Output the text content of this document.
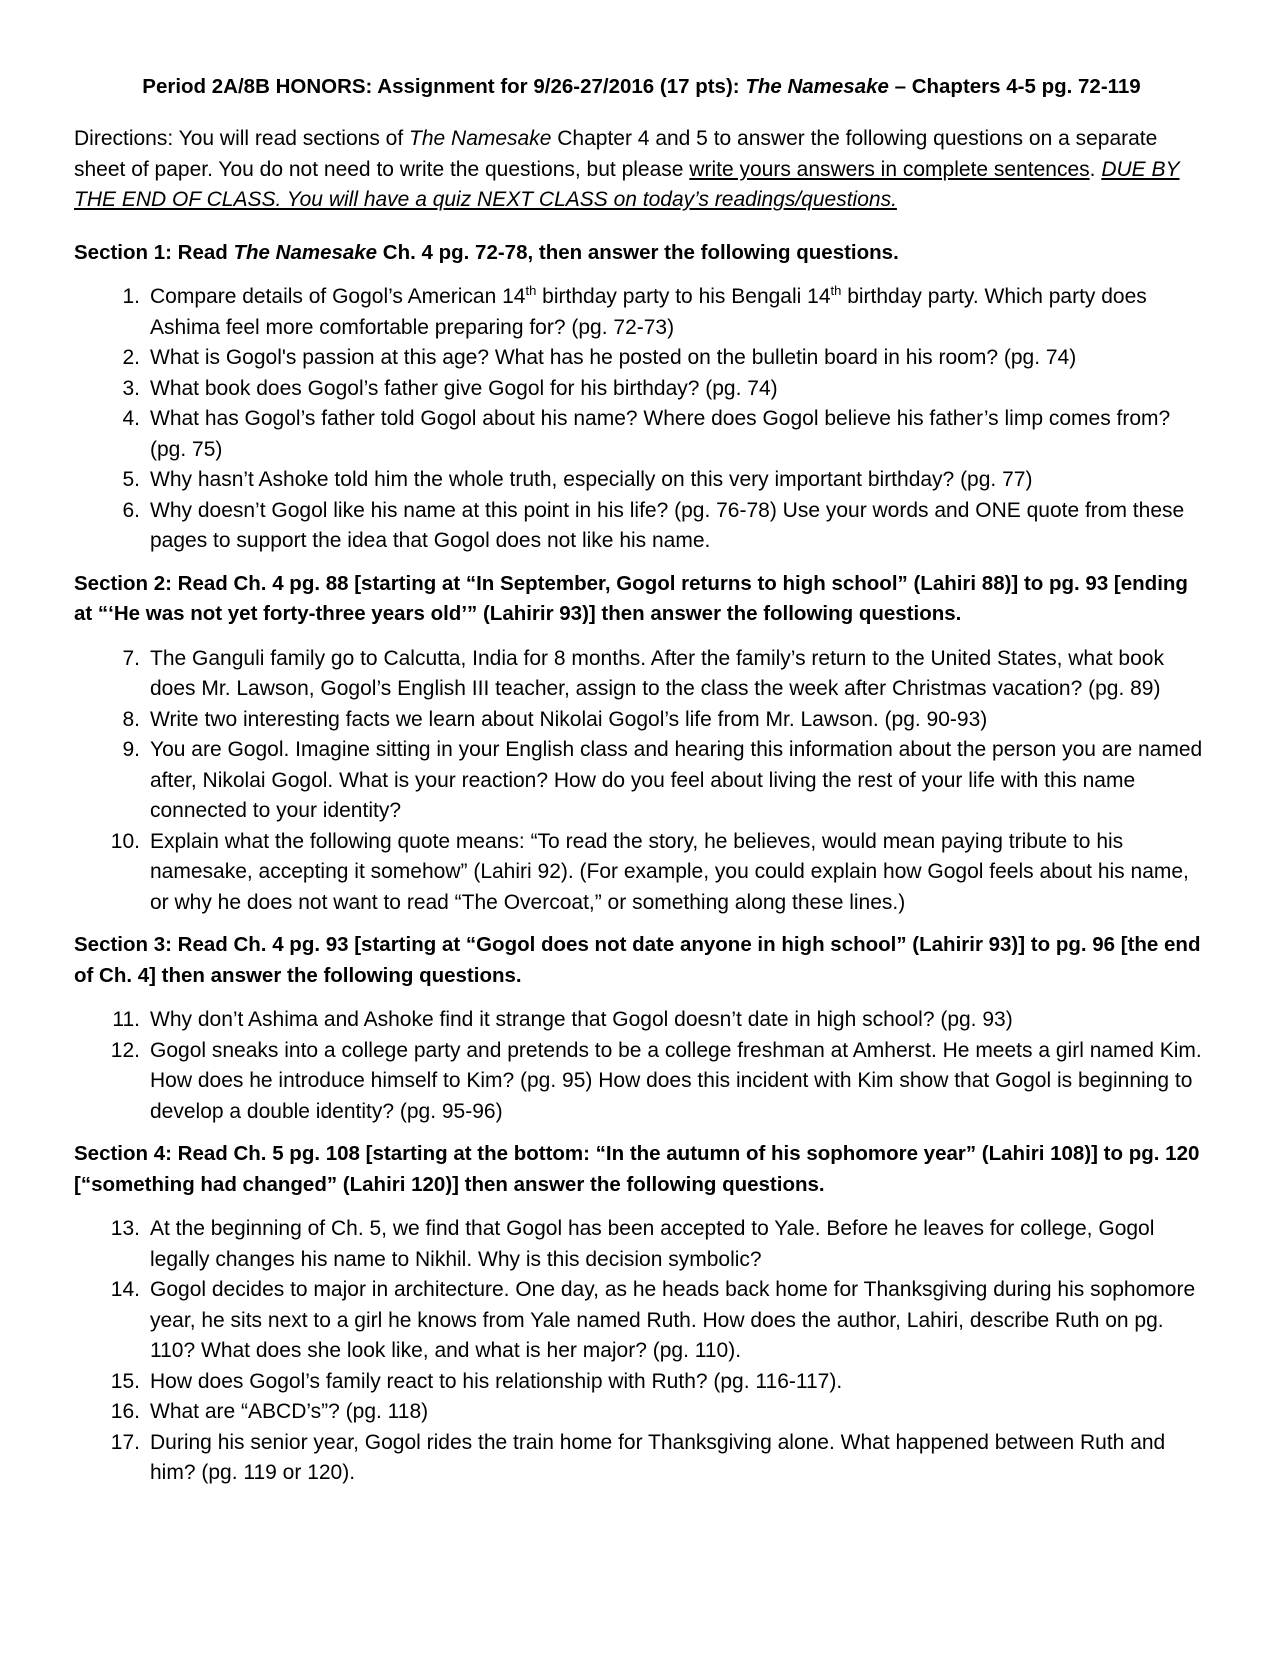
Period 2A/8B HONORS: Assignment for 9/26-27/2016 (17 pts): The Namesake – Chapters 4-5 pg. 72-119

Directions: You will read sections of The Namesake Chapter 4 and 5 to answer the following questions on a separate sheet of paper. You do not need to write the questions, but please write yours answers in complete sentences. DUE BY THE END OF CLASS. You will have a quiz NEXT CLASS on today’s readings/questions.

Section 1: Read The Namesake Ch. 4 pg. 72-78, then answer the following questions.

1. Compare details of Gogol’s American 14th birthday party to his Bengali 14th birthday party. Which party does Ashima feel more comfortable preparing for? (pg. 72-73)
2. What is Gogol's passion at this age? What has he posted on the bulletin board in his room? (pg. 74)
3. What book does Gogol’s father give Gogol for his birthday? (pg. 74)
4. What has Gogol’s father told Gogol about his name? Where does Gogol believe his father’s limp comes from? (pg. 75)
5. Why hasn’t Ashoke told him the whole truth, especially on this very important birthday? (pg. 77)
6. Why doesn’t Gogol like his name at this point in his life? (pg. 76-78) Use your words and ONE quote from these pages to support the idea that Gogol does not like his name.

Section 2: Read Ch. 4 pg. 88 [starting at “In September, Gogol returns to high school” (Lahiri 88)] to pg. 93 [ending at “‘He was not yet forty-three years old’” (Lahirir 93)] then answer the following questions.

7. The Ganguli family go to Calcutta, India for 8 months. After the family’s return to the United States, what book does Mr. Lawson, Gogol’s English III teacher, assign to the class the week after Christmas vacation? (pg. 89)
8. Write two interesting facts we learn about Nikolai Gogol’s life from Mr. Lawson. (pg. 90-93)
9. You are Gogol. Imagine sitting in your English class and hearing this information about the person you are named after, Nikolai Gogol. What is your reaction? How do you feel about living the rest of your life with this name connected to your identity?
10. Explain what the following quote means: “To read the story, he believes, would mean paying tribute to his namesake, accepting it somehow” (Lahiri 92). (For example, you could explain how Gogol feels about his name, or why he does not want to read “The Overcoat,” or something along these lines.)

Section 3: Read Ch. 4 pg. 93 [starting at “Gogol does not date anyone in high school” (Lahirir 93)] to pg. 96 [the end of Ch. 4] then answer the following questions.

11. Why don’t Ashima and Ashoke find it strange that Gogol doesn’t date in high school? (pg. 93)
12. Gogol sneaks into a college party and pretends to be a college freshman at Amherst. He meets a girl named Kim. How does he introduce himself to Kim? (pg. 95) How does this incident with Kim show that Gogol is beginning to develop a double identity? (pg. 95-96)

Section 4: Read Ch. 5 pg. 108 [starting at the bottom: “In the autumn of his sophomore year” (Lahiri 108)] to pg. 120 [“something had changed” (Lahiri 120)] then answer the following questions.

13. At the beginning of Ch. 5, we find that Gogol has been accepted to Yale. Before he leaves for college, Gogol legally changes his name to Nikhil. Why is this decision symbolic?
14. Gogol decides to major in architecture. One day, as he heads back home for Thanksgiving during his sophomore year, he sits next to a girl he knows from Yale named Ruth. How does the author, Lahiri, describe Ruth on pg. 110? What does she look like, and what is her major? (pg. 110).
15. How does Gogol’s family react to his relationship with Ruth? (pg. 116-117).
16. What are “ABCD’s”? (pg. 118)
17. During his senior year, Gogol rides the train home for Thanksgiving alone. What happened between Ruth and him? (pg. 119 or 120).
